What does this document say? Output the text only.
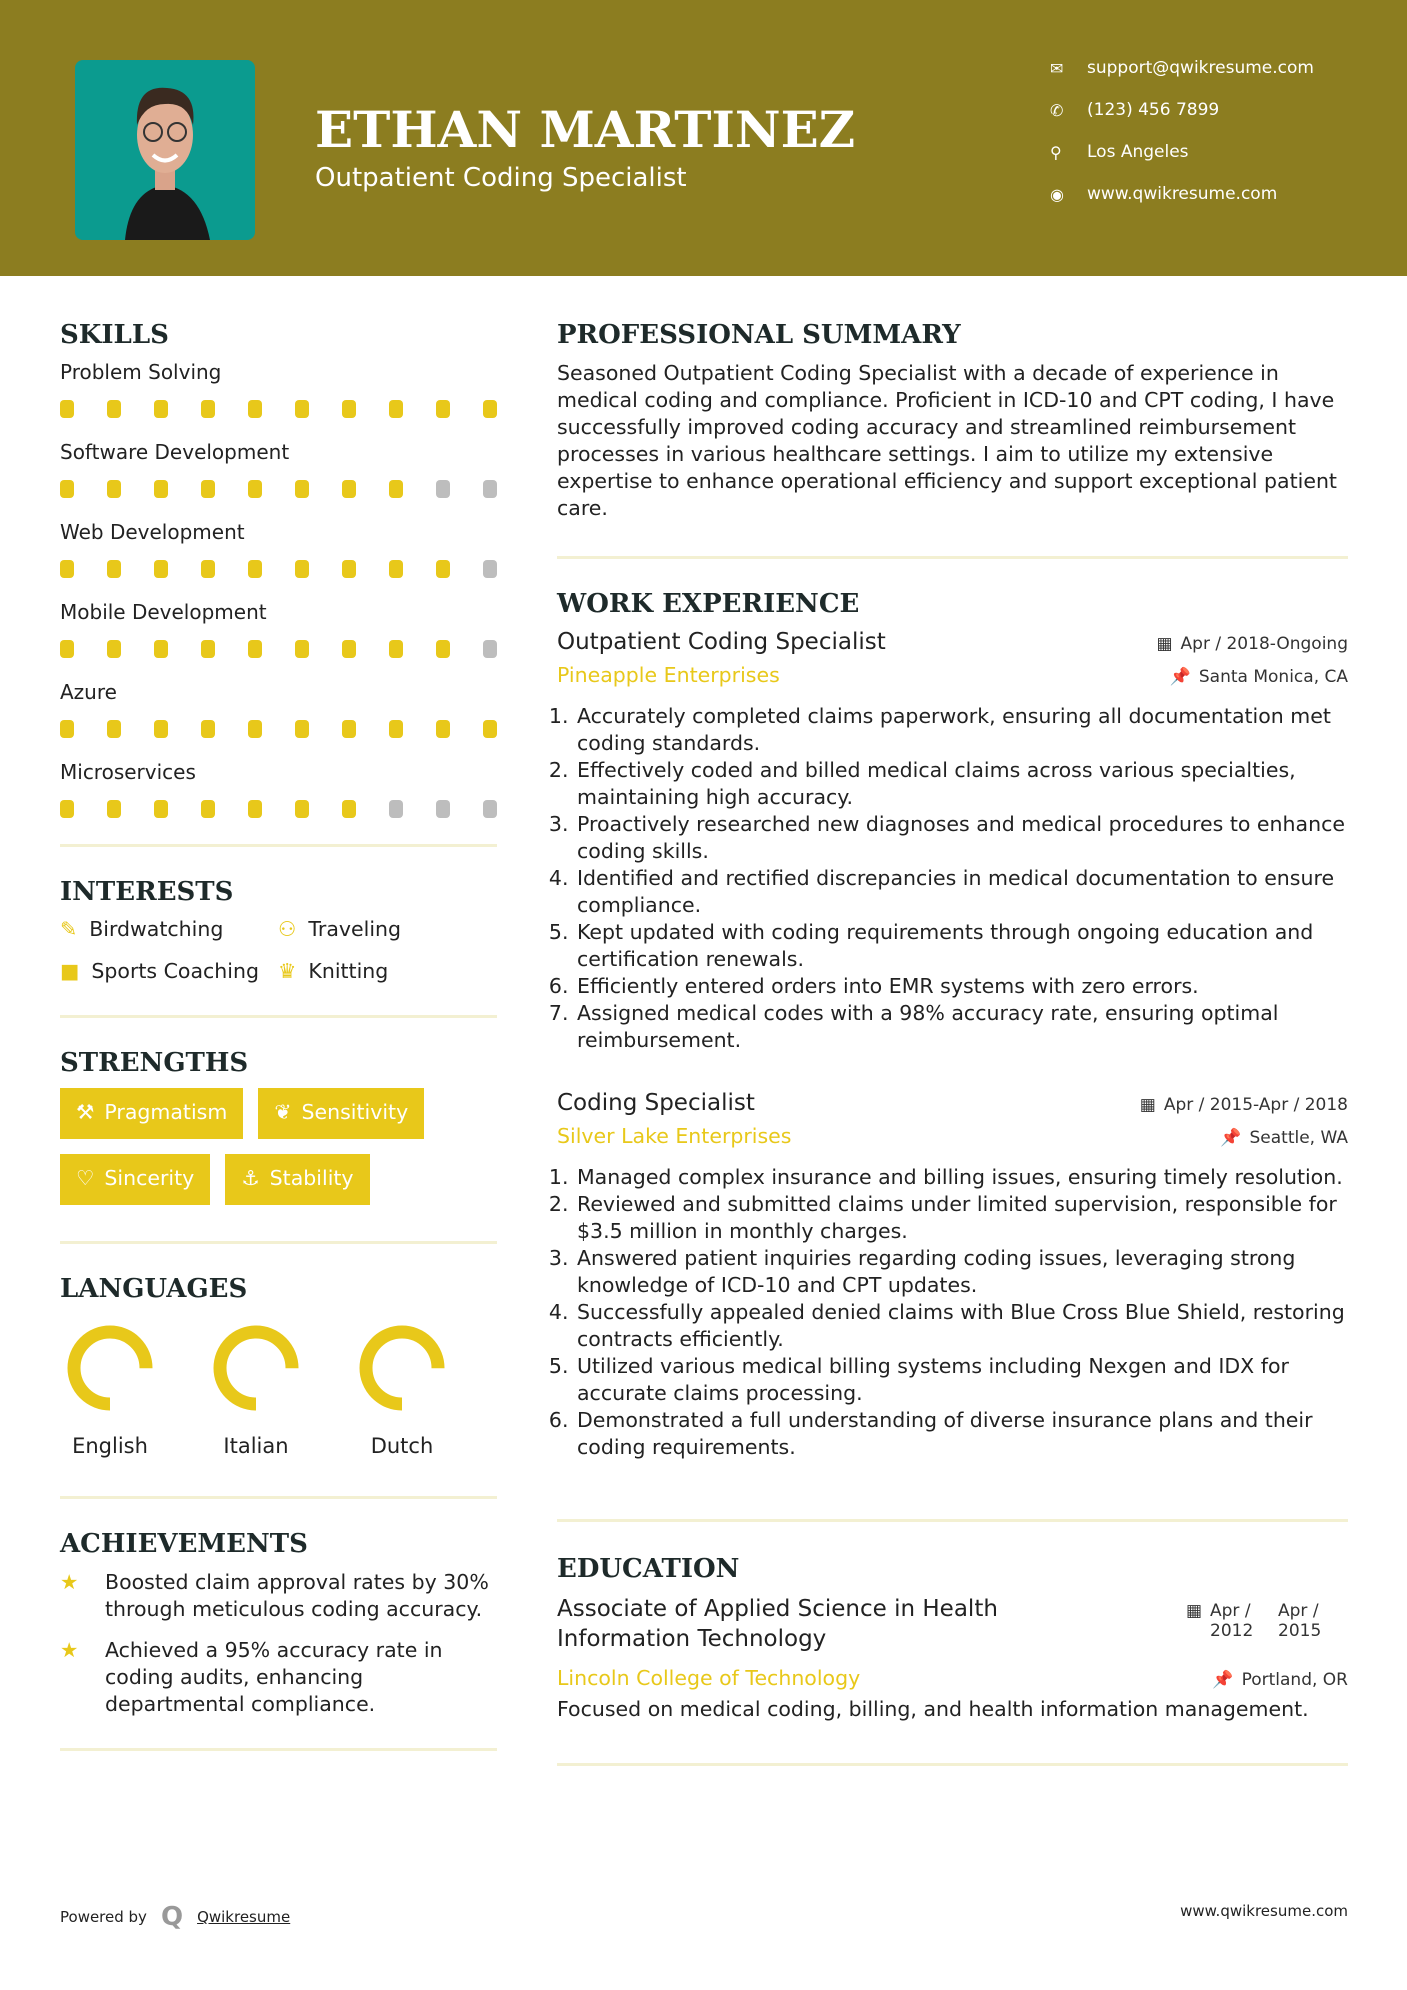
ETHAN MARTINEZ
Outpatient Coding Specialist
✉	support@qwikresume.com
✆	(123) 456 7899
⚲	Los Angeles
◉	www.qwikresume.com
SKILLS
Problem Solving
Software Development
Web Development
Mobile Development
Azure
Microservices
INTERESTS
✎ Birdwatching	⚇ Traveling
■ Sports Coaching ♛ Knitting
STRENGTHS
⚒ Pragmatism	❦ Sensitivity
♡ Sincerity	⚓ Stability
LANGUAGES
English	Italian	Dutch
ACHIEVEMENTS
★	Boosted claim approval rates by 30% through meticulous coding accuracy.
★	Achieved a 95% accuracy rate in coding audits, enhancing departmental compliance.
PROFESSIONAL SUMMARY

Seasoned Outpatient Coding Specialist with a decade of experience in medical coding and compliance. Proficient in ICD-10 and CPT coding, I have successfully improved coding accuracy and streamlined reimbursement processes in various healthcare settings. I aim to utilize my extensive expertise to enhance operational efficiency and support exceptional patient care.

WORK EXPERIENCE
Outpatient Coding Specialist	▦ Apr / 2018-Ongoing
Pineapple Enterprises	📌 Santa Monica, CA
1. Accurately completed claims paperwork, ensuring all documentation met coding standards.
2. Effectively coded and billed medical claims across various specialties, maintaining high accuracy.
3. Proactively researched new diagnoses and medical procedures to enhance coding skills.
4. Identified and rectified discrepancies in medical documentation to ensure compliance.
5. Kept updated with coding requirements through ongoing education and certification renewals.
6. Efficiently entered orders into EMR systems with zero errors.
7. Assigned medical codes with a 98% accuracy rate, ensuring optimal reimbursement.
Coding Specialist	▦ Apr / 2015-Apr / 2018
Silver Lake Enterprises	📌 Seattle, WA
1. Managed complex insurance and billing issues, ensuring timely resolution.
2. Reviewed and submitted claims under limited supervision, responsible for $3.5 million in monthly charges.
3. Answered patient inquiries regarding coding issues, leveraging strong knowledge of ICD-10 and CPT updates.
4. Successfully appealed denied claims with Blue Cross Blue Shield, restoring contracts efficiently.
5. Utilized various medical billing systems including Nexgen and IDX for accurate claims processing.
6. Demonstrated a full understanding of diverse insurance plans and their coding requirements.
EDUCATION
Associate of Applied Science in Health Information Technology
▦ Apr / 2012
Apr / 2015
Lincoln College of Technology	📌 Portland, OR

Focused on medical coding, billing, and health information management.

Powered by Q Qwikresume	www.qwikresume.com
